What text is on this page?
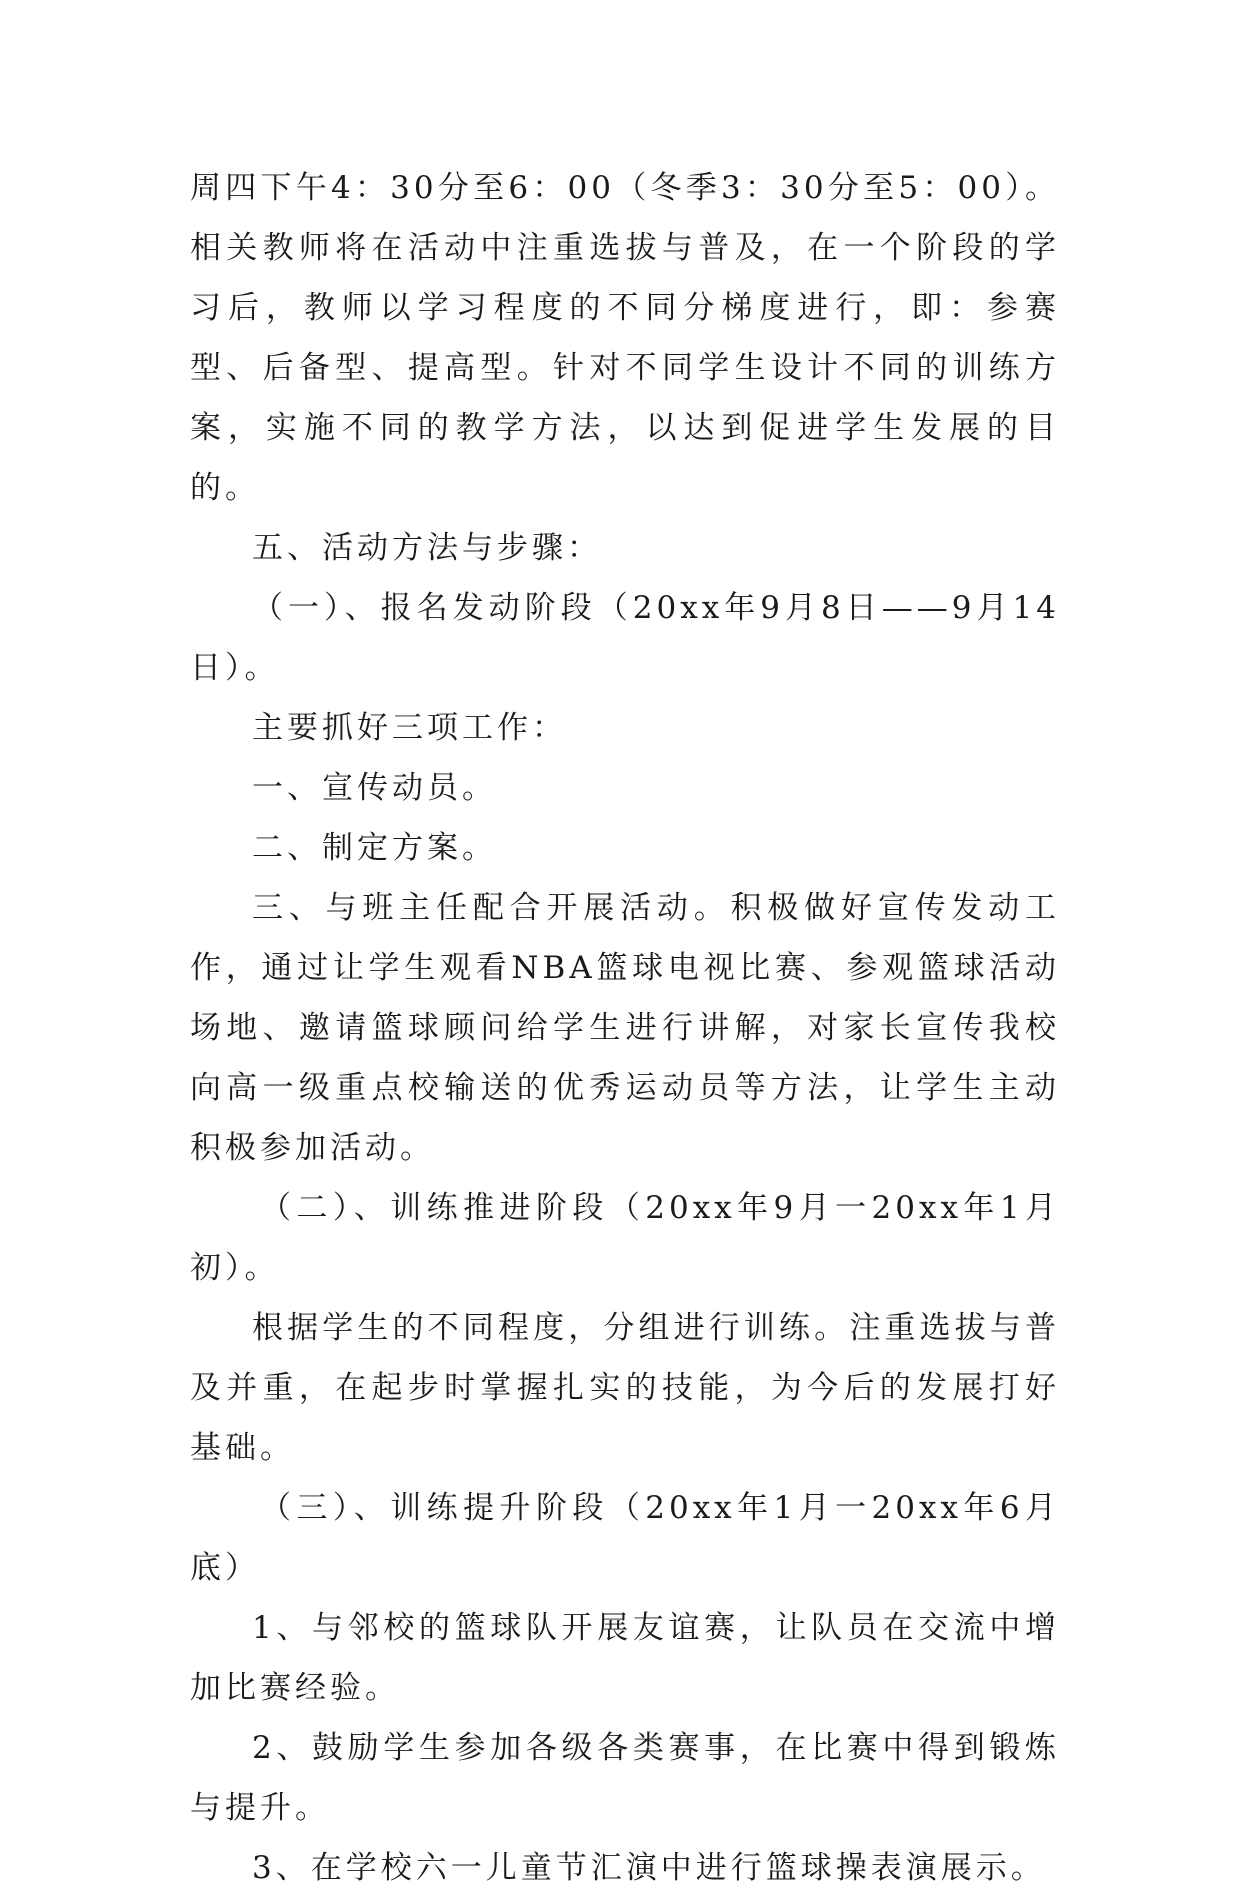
周四下午4：30分至6：00（冬季3：30分至5：00）。相关教师将在活动中注重选拔与普及，在一个阶段的学习后，教师以学习程度的不同分梯度进行，即：参赛型、后备型、提高型。针对不同学生设计不同的训练方案，实施不同的教学方法，以达到促进学生发展的目的。

五、活动方法与步骤：

（一）、报名发动阶段（20xx年9月8日——9月14日）。

主要抓好三项工作：

一、宣传动员。

二、制定方案。

三、与班主任配合开展活动。积极做好宣传发动工作，通过让学生观看NBA篮球电视比赛、参观篮球活动场地、邀请篮球顾问给学生进行讲解，对家长宣传我校向高一级重点校输送的优秀运动员等方法，让学生主动积极参加活动。

（二）、训练推进阶段（20xx年9月一20xx年1月初）。

根据学生的不同程度，分组进行训练。注重选拔与普及并重，在起步时掌握扎实的技能，为今后的发展打好基础。

（三）、训练提升阶段（20xx年1月一20xx年6月底）

1、与邻校的篮球队开展友谊赛，让队员在交流中增加比赛经验。

2、鼓励学生参加各级各类赛事，在比赛中得到锻炼与提升。

3、在学校六一儿童节汇演中进行篮球操表演展示。
